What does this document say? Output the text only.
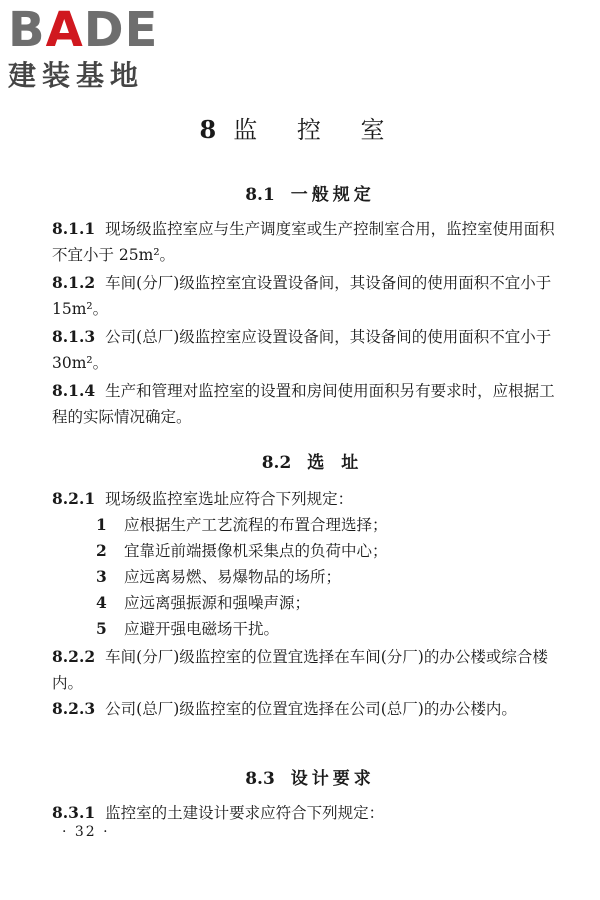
BADE
建装基地
8 监 控 室
8.1 一般规定
8.1.1 现场级监控室应与生产调度室或生产控制室合用，监控室使用面积不宜小于 25m²。
8.1.2 车间(分厂)级监控室宜设置设备间，其设备间的使用面积不宜小于 15m²。
8.1.3 公司(总厂)级监控室应设置设备间，其设备间的使用面积不宜小于 30m²。
8.1.4 生产和管理对监控室的设置和房间使用面积另有要求时，应根据工程的实际情况确定。
8.2 选　址
8.2.1 现场级监控室选址应符合下列规定：
1 应根据生产工艺流程的布置合理选择；
2 宜靠近前端摄像机采集点的负荷中心；
3 应远离易燃、易爆物品的场所；
4 应远离强振源和强噪声源；
5 应避开强电磁场干扰。
8.2.2 车间(分厂)级监控室的位置宜选择在车间(分厂)的办公楼或综合楼内。
8.2.3 公司(总厂)级监控室的位置宜选择在公司(总厂)的办公楼内。
8.3 设计要求
8.3.1 监控室的土建设计要求应符合下列规定：
· 32 ·
